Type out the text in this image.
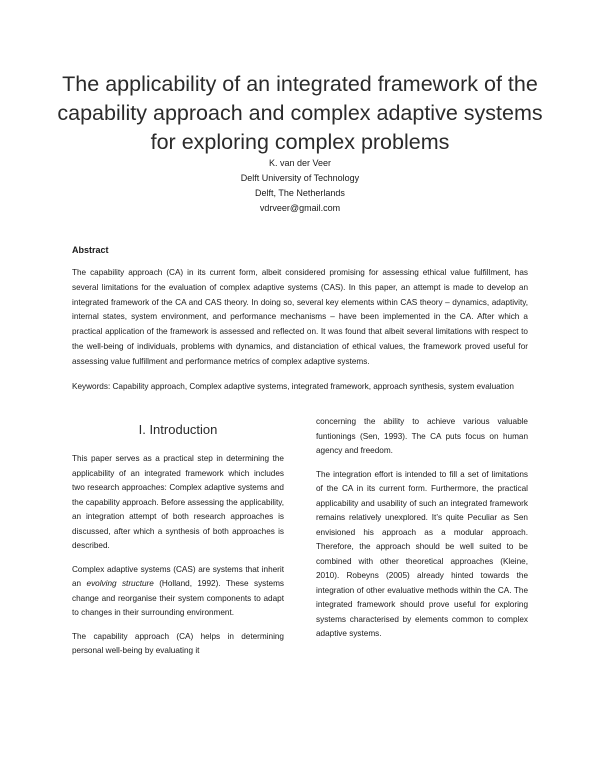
The applicability of an integrated framework of the
capability approach and complex adaptive systems
for exploring complex problems
K. van der Veer
Delft University of Technology
Delft, The Netherlands
vdrveer@gmail.com
Abstract

The capability approach (CA) in its current form, albeit considered promising for assessing ethical value fulfillment, has several limitations for the evaluation of complex adaptive systems (CAS). In this paper, an attempt is made to develop an integrated framework of the CA and CAS theory. In doing so, several key elements within CAS theory – dynamics, adaptivity, internal states, system environment, and performance mechanisms – have been implemented in the CA. After which a practical application of the framework is assessed and reflected on. It was found that albeit several limitations with respect to the well-being of individuals, problems with dynamics, and distanciation of ethical values, the framework proved useful for assessing value fulfillment and performance metrics of complex adaptive systems.

Keywords: Capability approach, Complex adaptive systems, integrated framework, approach synthesis, system evaluation

I. Introduction

This paper serves as a practical step in determining the applicability of an integrated framework which includes two research approaches: Complex adaptive systems and the capability approach. Before assessing the applicability, an integration attempt of both research approaches is discussed, after which a synthesis of both approaches is described.

Complex adaptive systems (CAS) are systems that inherit an evolving structure (Holland, 1992). These systems change and reorganise their system components to adapt to changes in their surrounding environment.

The capability approach (CA) helps in determining personal well-being by evaluating it

concerning the ability to achieve various valuable funtionings (Sen, 1993). The CA puts focus on human agency and freedom.

The integration effort is intended to fill a set of limitations of the CA in its current form. Furthermore, the practical applicability and usability of such an integrated framework remains relatively unexplored. It’s quite Peculiar as Sen envisioned his approach as a modular approach. Therefore, the approach should be well suited to be combined with other theoretical approaches (Kleine, 2010). Robeyns (2005) already hinted towards the integration of other evaluative methods within the CA. The integrated framework should prove useful for exploring systems characterised by elements common to complex adaptive systems.
